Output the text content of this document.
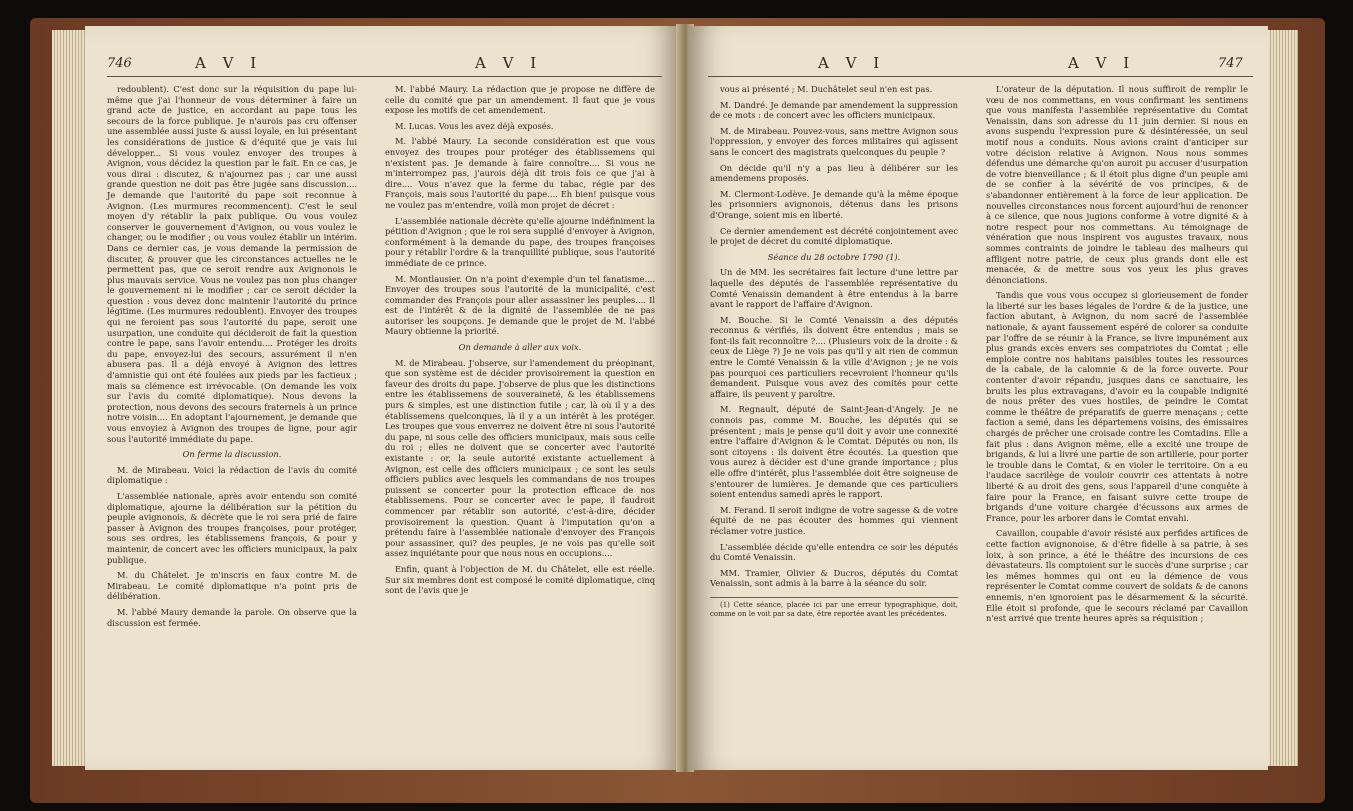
746	A V I	A V I

redoublent). C'est donc sur la réquisition du pape lui-même que j'ai l'honneur de vous déterminer à faire un grand acte de justice, en accordant au pape tous les secours de la force publique. Je n'aurois pas cru offenser une assemblée aussi juste & aussi loyale, en lui présentant les considérations de justice & d'équité que je vais lui développer... Si vous voulez envoyer des troupes à Avignon, vous décidez la question par le fait. En ce cas, je vous dirai : discutez, & n'ajournez pas ; car une aussi grande question ne doit pas être jugée sans discussion.... Je demande que l'autorité du pape soit reconnue à Avignon. (Les murmures recommencent). C'est le seul moyen d'y rétablir la paix publique. Ou vous voulez conserver le gouvernement d'Avignon, ou vous voulez le changer, ou le modifier ; ou vous voulez établir un intérim. Dans ce dernier cas, je vous demande la permission de discuter, & prouver que les circonstances actuelles ne le permettent pas, que ce seroit rendre aux Avignonois le plus mauvais service. Vous ne voulez pas non plus changer le gouvernement ni le modifier ; car ce seroit décider la question : vous devez donc maintenir l'autorité du prince légitime. (Les murmures redoublent). Envoyer des troupes qui ne feroient pas sous l'autorité du pape, seroit une usurpation, une conduite qui décideroit de fait la question contre le pape, sans l'avoir entendu.... Protéger les droits du pape, envoyez-lui des secours, assurément il n'en abusera pas. Il a déjà envoyé à Avignon des lettres d'amnistie qui ont été foulées aux pieds par les factieux ; mais sa clémence est irrévocable. (On demande les voix sur l'avis du comité diplomatique). Nous devons la protection, nous devons des secours fraternels à un prince notre voisin.... En adoptant l'ajournement, je demande que vous envoyiez à Avignon des troupes de ligne, pour agir sous l'autorité immédiate du pape.

On ferme la discussion.

M. de Mirabeau. Voici la rédaction de l'avis du comité diplomatique :

L'assemblée nationale, après avoir entendu son comité diplomatique, ajourne la délibération sur la pétition du peuple avignonois, & décrète que le roi sera prié de faire passer à Avignon des troupes françoises, pour protéger, sous ses ordres, les établissemens françois, & pour y maintenir, de concert avec les officiers municipaux, la paix publique.

M. du Châtelet. Je m'inscris en faux contre M. de Mirabeau. Le comité diplomatique n'a point pris de délibération.

M. l'abbé Maury demande la parole. On observe que la discussion est fermée.

M. l'abbé Maury. La rédaction que je propose ne diffère de celle du comité que par un amendement. Il faut que je vous expose les motifs de cet amendement.

M. Lucas. Vous les avez déjà exposés.

M. l'abbé Maury. La seconde considération est que vous envoyez des troupes pour protéger des établissemens qui n'existent pas. Je demande à faire connoître.... Si vous ne m'interrompez pas, j'aurois déjà dit trois fois ce que j'ai à dire.... Vous n'avez que la ferme du tabac, régie par des François, mais sous l'autorité du pape.... Eh bien! puisque vous ne voulez pas m'entendre, voilà mon projet de décret :

L'assemblée nationale décrète qu'elle ajourne indéfiniment la pétition d'Avignon ; que le roi sera supplié d'envoyer à Avignon, conformément à la demande du pape, des troupes françoises pour y rétablir l'ordre & la tranquillité publique, sous l'autorité immédiate de ce prince.

M. Montlausier. On n'a point d'exemple d'un tel fanatisme.... Envoyer des troupes sous l'autorité de la municipalité, c'est commander des François pour aller assassiner les peuples.... Il est de l'intérêt & de la dignité de l'assemblée de ne pas autoriser les soupçons. Je demande que le projet de M. l'abbé Maury obtienne la priorité.

On demande à aller aux voix.

M. de Mirabeau. J'observe, sur l'amendement du préopinant, que son système est de décider provisoirement la question en faveur des droits du pape. J'observe de plus que les distinctions entre les établissemens de souveraineté, & les établissemens purs & simples, est une distinction futile ; car, là où il y a des établissemens quelconques, là il y a un intérêt à les protéger. Les troupes que vous enverrez ne doivent être ni sous l'autorité du pape, ni sous celle des officiers municipaux, mais sous celle du roi ; elles ne doivent que se concerter avec l'autorité existante : or, la seule autorité existante actuellement à Avignon, est celle des officiers municipaux ; ce sont les seuls officiers publics avec lesquels les commandans de nos troupes puissent se concerter pour la protection efficace de nos établissemens. Pour se concerter avec le pape, il faudroit commencer par rétablir son autorité, c'est-à-dire, décider provisoirement la question. Quant à l'imputation qu'on a prétendu faire à l'assemblée nationale d'envoyer des François pour assassiner, qui? des peuples, je ne vois pas qu'elle soit assez inquiétante pour que nous nous en occupions....

Enfin, quant à l'objection de M. du Châtelet, elle est réelle. Sur six membres dont est composé le comité diplomatique, cinq sont de l'avis que je

A V I	A V I	747

vous ai présenté ; M. Duchâtelet seul n'en est pas.

M. Dandré. Je demande par amendement la suppression de ce mots : de concert avec les officiers municipaux.

M. de Mirabeau. Pouvez-vous, sans mettre Avignon sous l'oppression, y envoyer des forces militaires qui agissent sans le concert des magistrats quelconques du peuple ?

On décide qu'il n'y a pas lieu à délibérer sur les amendemens proposés.

M. Clermont-Lodève. Je demande qu'à la même époque les prisonniers avignonois, détenus dans les prisons d'Orange, soient mis en liberté.

Ce dernier amendement est décrété conjointement avec le projet de décret du comité diplomatique.

Séance du 28 octobre 1790 (1).

Un de MM. les secrétaires fait lecture d'une lettre par laquelle des députés de l'assemblée représentative du Comté Venaissin demandent à être entendus à la barre avant le rapport de l'affaire d'Avignon.

M. Bouche. Si le Comté Venaissin a des députés reconnus & vérifiés, ils doivent être entendus ; mais se font-ils fait reconnoître ?.... (Plusieurs voix de la droite : & ceux de Liège ?) Je ne vois pas qu'il y ait rien de commun entre le Comté Venaissin & la ville d'Avignon ; je ne vois pas pourquoi ces particuliers recevroient l'honneur qu'ils demandent. Puisque vous avez des comités pour cette affaire, ils peuvent y paroître.

M. Regnault, député de Saint-Jean-d'Angely. Je ne connois pas, comme M. Bouche, les députés qui se présentent ; mais je pense qu'il doit y avoir une connexité entre l'affaire d'Avignon & le Comtat. Députés ou non, ils sont citoyens : ils doivent être écoutés. La question que vous aurez à décider est d'une grande importance ; plus elle offre d'intérêt, plus l'assemblée doit être soigneuse de s'entourer de lumières. Je demande que ces particuliers soient entendus samedi après le rapport.

M. Ferand. Il seroit indigne de votre sagesse & de votre équité de ne pas écouter des hommes qui viennent réclamer votre justice.

L'assemblée décide qu'elle entendra ce soir les députés du Comté Venaissin.

MM. Tramier, Olivier & Ducros, députés du Comtat Venaissin, sont admis à la barre à la séance du soir.

(1) Cette séance, placée ici par une erreur typographique, doit, comme on le voit par sa date, être reportée avant les précédentes.

L'orateur de la députation. Il nous suffiroit de remplir le vœu de nos commettans, en vous confirmant les sentimens que vous manifesta l'assemblée représentative du Comtat Venaissin, dans son adresse du 11 juin dernier. Si nous en avons suspendu l'expression pure & désintéressée, un seul motif nous a conduits. Nous avions craint d'anticiper sur votre décision relative à Avignon. Nous nous sommes défendus une démarche qu'on auroit pu accuser d'usurpation de votre bienveillance ; & il étoit plus digne d'un peuple ami de se confier à la sévérité de vos principes, & de s'abandonner entièrement à la force de leur application. De nouvelles circonstances nous forcent aujourd'hui de renoncer à ce silence, que nous jugions conforme à votre dignité & à notre respect pour nos commettans. Au témoignage de vénération que nous inspirent vos augustes travaux, nous sommes contraints de joindre le tableau des malheurs qui affligent notre patrie, de ceux plus grands dont elle est menacée, & de mettre sous vos yeux les plus graves dénonciations.

Tandis que vous vous occupez si glorieusement de fonder la liberté sur les bases légales de l'ordre & de la justice, une faction abutant, à Avignon, du nom sacré de l'assemblée nationale, & ayant faussement espéré de colorer sa conduite par l'offre de se réunir à la France, se livre impunément aux plus grands excès envers ses compatriotes du Comtat ; elle emploie contre nos habitans paisibles toutes les ressources de la cabale, de la calomnie & de la force ouverte. Pour contenter d'avoir répandu, jusques dans ce sanctuaire, les bruits les plus extravagans, d'avoir eu la coupable indignité de nous prêter des vues hostiles, de peindre le Comtat comme le théâtre de préparatifs de guerre menaçans ; cette faction a semé, dans les départemens voisins, des émissaires chargés de prêcher une croisade contre les Comtadins. Elle a fait plus : dans Avignon même, elle a excité une troupe de brigands, & lui a livré une partie de son artillerie, pour porter le trouble dans le Comtat, & en violer le territoire. On a eu l'audace sacrilège de vouloir couvrir ces attentats à notre liberté & au droit des gens, sous l'appareil d'une conquête à faire pour la France, en faisant suivre cette troupe de brigands d'une voiture chargée d'écussons aux armes de France, pour les arborer dans le Comtat envahi.

Cavaillon, coupable d'avoir résisté aux perfides artifices de cette faction avignonoise, & d'être fidelle à sa patrie, à ses loix, à son prince, a été le théâtre des incursions de ces dévastateurs. Ils comptoient sur le succès d'une surprise ; car les mêmes hommes qui ont eu la démence de vous représenter le Comtat comme couvert de soldats & de canons ennemis, n'en ignoroient pas le désarmement & la sécurité. Elle étoit si profonde, que le secours réclamé par Cavaillon n'est arrivé que trente heures après sa réquisition ;
